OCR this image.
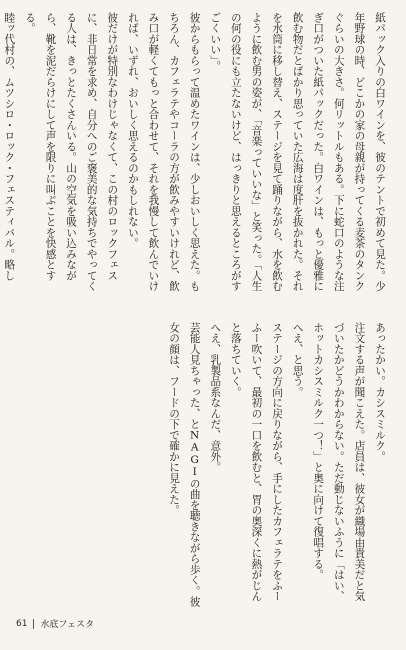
紙パック入りの白ワインを、彼のテントで初めて見た。少年野球の時、どこかの家の母親が持ってくる麦茶のタンクぐらいの大きさ。何リットルもある。下に蛇口のような注ぎ口がついた紙パックだった。白ワインは、もっと優雅に飲む物だとばかり思っていた広海は度肝を抜かれた。それを水筒に移し替え、ステージを見て踊りながら、水を飲むように飲む男の姿が、「音楽っていいな」と笑った。「人生の何の役にも立たないけど、はっきりと思えるところがすごくいい」。
彼からもらって温めたワインは、少しおいしく思えた。もちろん、カフェラテやコーラの方が飲みやすいけれど、飲み口が軽くてもっと合わせて、それを我慢して飲んでいければ、いずれ、おいしく思えるのかもしれない。
彼だけが特別なわけじゃなくて、この村のロックフェスに、非日常を求め、自分へのご褒美的な気持ちでやってくる人は、きっとたくさんいる。山の空気を吸い込みながら、靴を泥だらけにして声を限りに叫ぶことを快感とする。
睦ッ代村の、ムツシロ・ロック・フェスティバル。略し
あったかい。カシスミルク。
注文する声が聞こえた。店員は、彼女が織場由貴美だと気づいたかどうかわからない。ただ動じないふうに「はい、ホットカシスミルク一つ！」と奥に向けて復唱する。
へえ、と思う。
ステージの方向に戻りながら、手にしたカフェラテをふーふー吹いて、最初の一口を飲むと、胃の奥深くに熱がじんと落ちていく。
へえ、乳製品系なんだ、意外。
芸能人見ちゃった、とNAGIの曲を聴きながら歩く。彼女の顔は、フードの下で確かに見えた。
61 水底フェスタ
